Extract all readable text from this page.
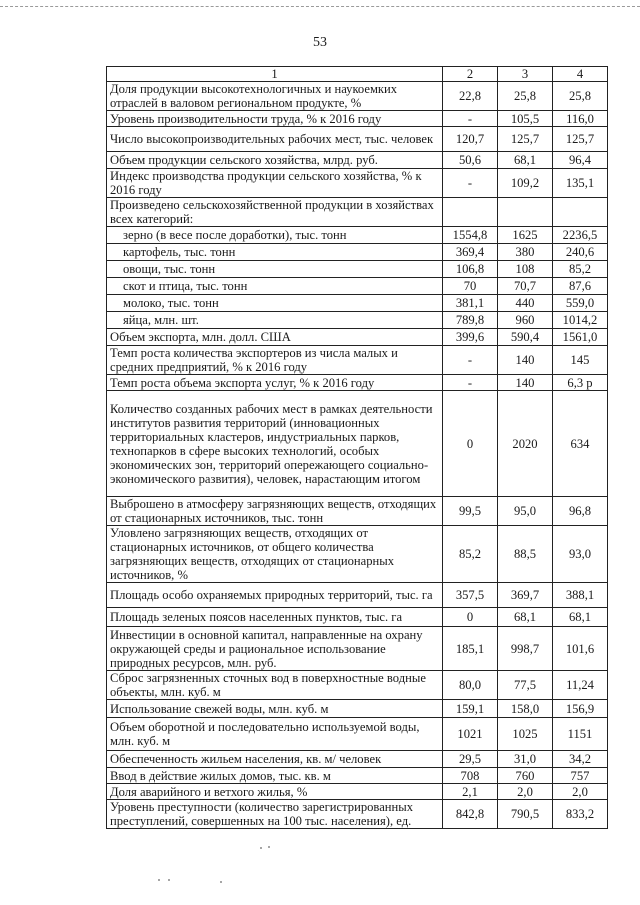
53
1	2	3	4
Доля продукции высокотехнологичных и наукоемких отраслей в валовом региональном продукте, %	22,8	25,8	25,8
Уровень производительности труда, % к 2016 году	-	105,5	116,0
Число высокопроизводительных рабочих мест, тыс. человек	120,7	125,7	125,7
Объем продукции сельского хозяйства, млрд. руб.	50,6	68,1	96,4
Индекс производства продукции сельского хозяйства, % к 2016 году	-	109,2	135,1
Произведено сельскохозяйственной продукции в хозяйствах всех категорий:			
зерно (в весе после доработки), тыс. тонн	1554,8	1625	2236,5
картофель, тыс. тонн	369,4	380	240,6
овощи, тыс. тонн	106,8	108	85,2
скот и птица, тыс. тонн	70	70,7	87,6
молоко, тыс. тонн	381,1	440	559,0
яйца, млн. шт.	789,8	960	1014,2
Объем экспорта, млн. долл. США	399,6	590,4	1561,0
Темп роста количества экспортеров из числа малых и средних предприятий, % к 2016 году	-	140	145
Темп роста объема экспорта услуг, % к 2016 году	-	140	6,3 р
Количество созданных рабочих мест в рамках деятельности институтов развития территорий (инновационных территориальных кластеров, индустриальных парков, технопарков в сфере высоких технологий, особых экономических зон, территорий опережающего социально-экономического развития), человек, нарастающим итогом	0	2020	634
Выброшено в атмосферу загрязняющих веществ, отходящих от стационарных источников, тыс. тонн	99,5	95,0	96,8
Уловлено загрязняющих веществ, отходящих от стационарных источников, от общего количества загрязняющих веществ, отходящих от стационарных источников, %	85,2	88,5	93,0
Площадь особо охраняемых природных территорий, тыс. га	357,5	369,7	388,1
Площадь зеленых поясов населенных пунктов, тыс. га	0	68,1	68,1
Инвестиции в основной капитал, направленные на охрану окружающей среды и рациональное использование природных ресурсов, млн. руб.	185,1	998,7	101,6
Сброс загрязненных сточных вод в поверхностные водные объекты, млн. куб. м	80,0	77,5	11,24
Использование свежей воды, млн. куб. м	159,1	158,0	156,9
Объем оборотной и последовательно используемой воды, млн. куб. м	1021	1025	1151
Обеспеченность жильем населения, кв. м/ человек	29,5	31,0	34,2
Ввод в действие жилых домов, тыс. кв. м	708	760	757
Доля аварийного и ветхого жилья, %	2,1	2,0	2,0
Уровень преступности (количество зарегистрированных преступлений, совершенных на 100 тыс. населения), ед.	842,8	790,5	833,2
